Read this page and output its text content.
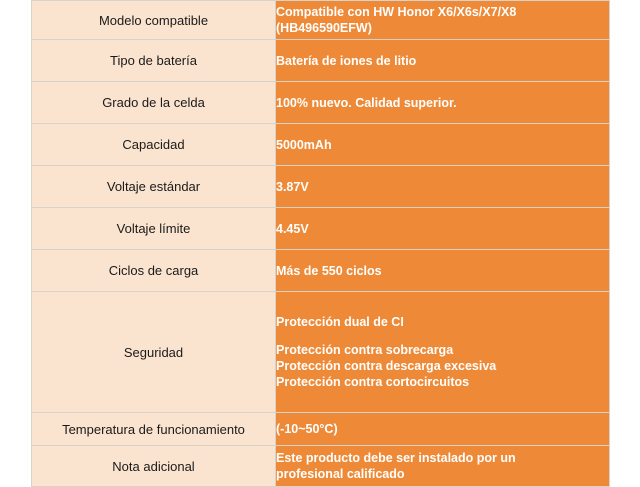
Modelo compatible	Compatible con HW Honor X6/X6s/X7/X8
(HB496590EFW)

Tipo de batería	Batería de iones de litio
Grado de la celda	100% nuevo. Calidad superior.
Capacidad	5000mAh
Voltaje estándar	3.87V
Voltaje límite	4.45V
Ciclos de carga	Más de 550 ciclos
Seguridad	Protección dual de CI
Protección contra sobrecarga
Protección contra descarga excesiva
Protección contra cortocircuitos

Temperatura de funcionamiento	(-10~50°C)
Nota adicional	Este producto debe ser instalado por un
profesional calificado
